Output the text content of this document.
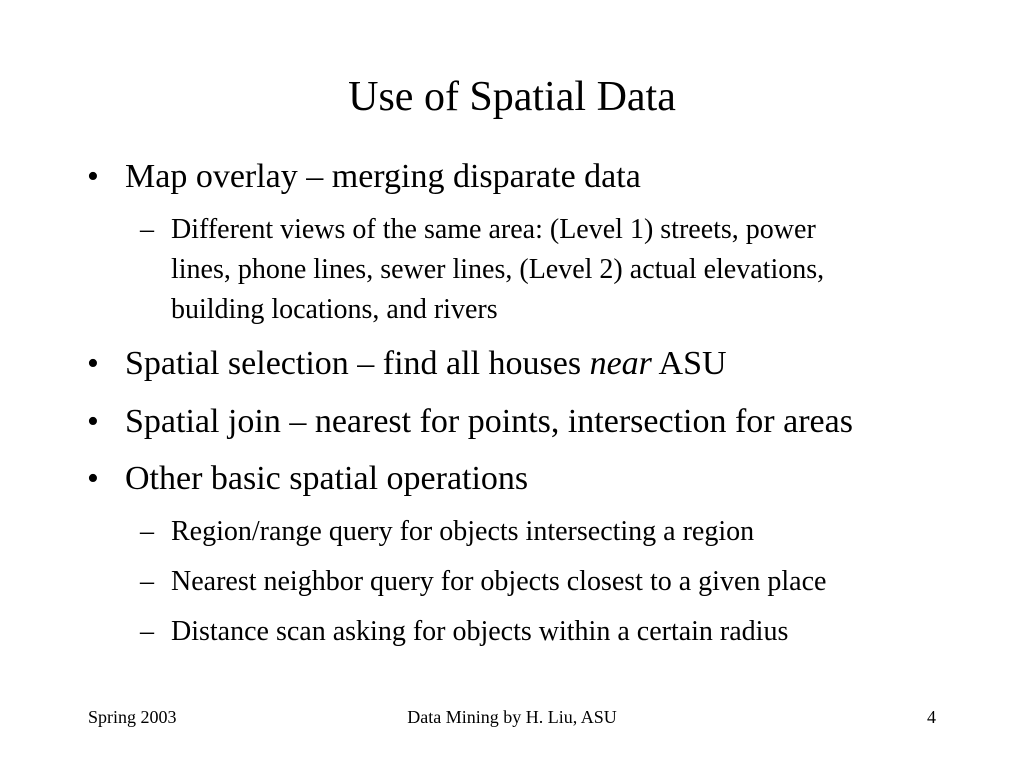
Use of Spatial Data
• Map overlay – merging disparate data
– Different views of the same area: (Level 1) streets, power
lines, phone lines, sewer lines, (Level 2) actual elevations,
building locations, and rivers
• Spatial selection – find all houses near ASU
• Spatial join – nearest for points, intersection for areas
• Other basic spatial operations
– Region/range query for objects intersecting a region
– Nearest neighbor query for objects closest to a given place
– Distance scan asking for objects within a certain radius
Spring 2003	Data Mining by H. Liu, ASU	4
